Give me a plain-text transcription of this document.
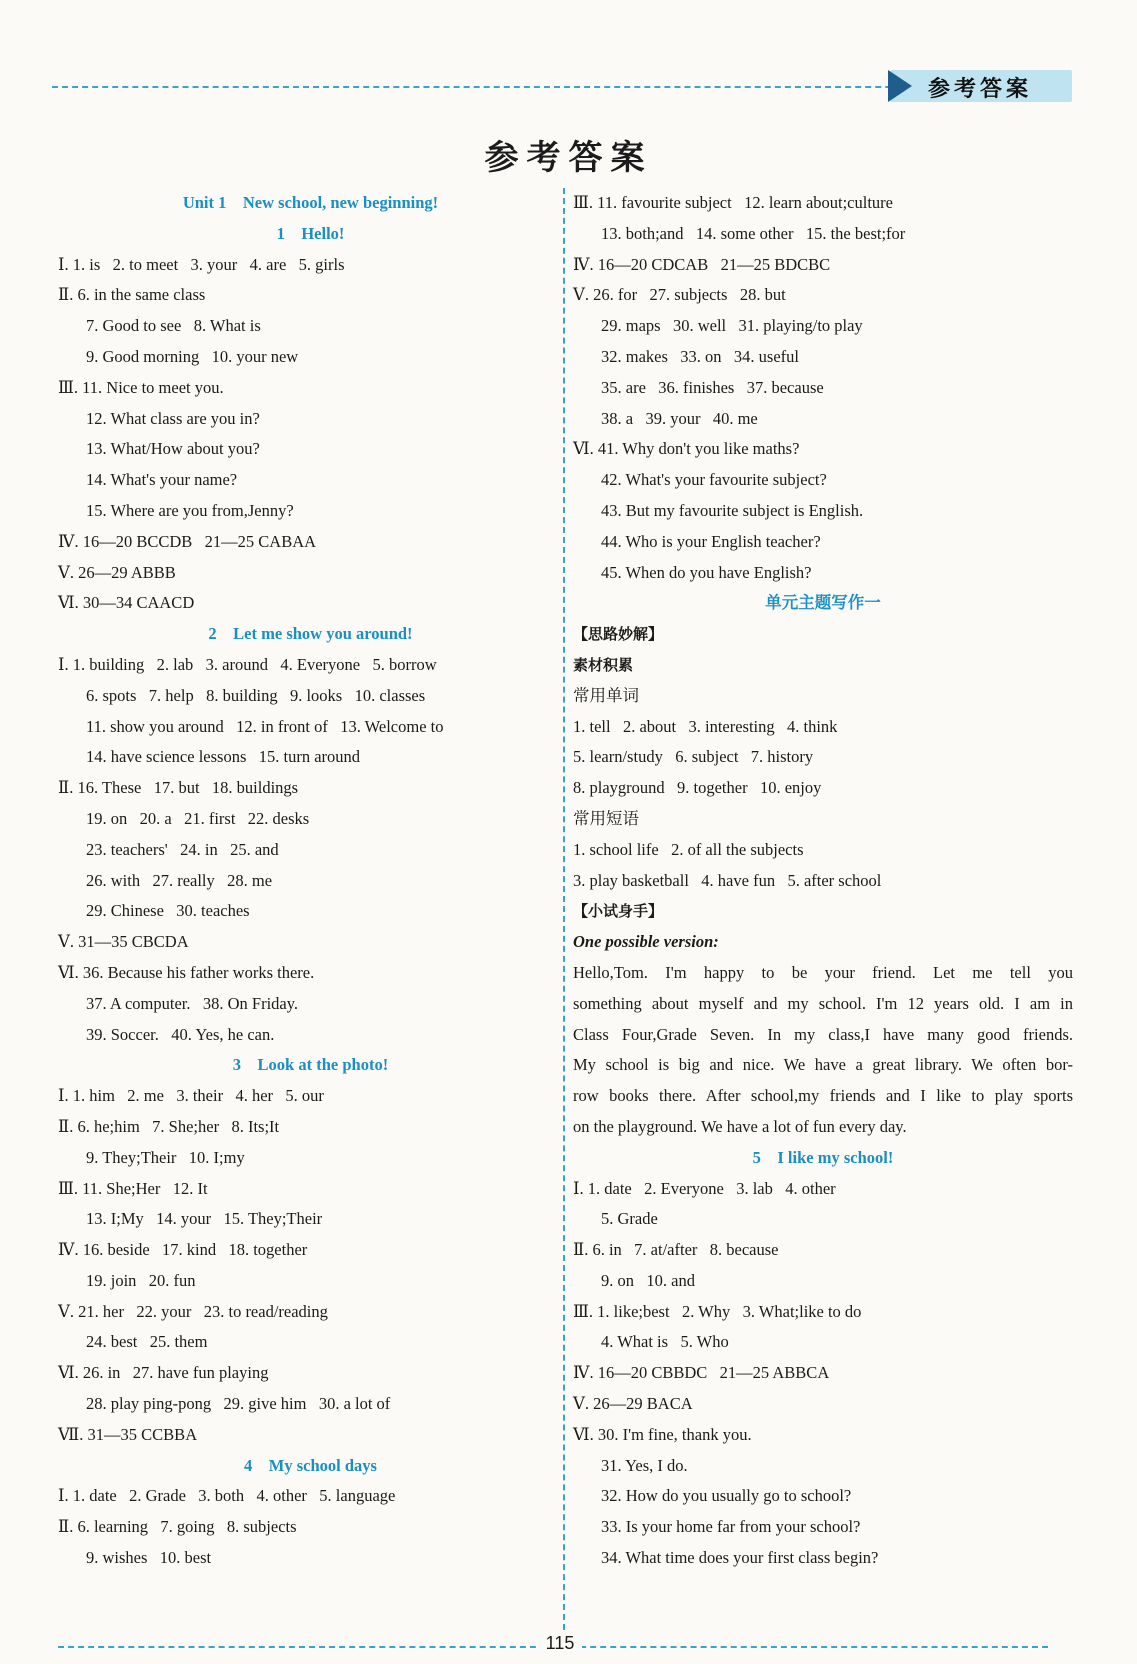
参考答案
参考答案
Unit 1    New school, new beginning!
1    Hello!
Ⅰ. 1. is   2. to meet   3. your   4. are   5. girls
Ⅱ. 6. in the same class
7. Good to see   8. What is
9. Good morning   10. your new
Ⅲ. 11. Nice to meet you.
12. What class are you in?
13. What/How about you?
14. What's your name?
15. Where are you from,Jenny?
Ⅳ. 16—20 BCCDB   21—25 CABAA
Ⅴ. 26—29 ABBB
Ⅵ. 30—34 CAACD
2    Let me show you around!
Ⅰ. 1. building   2. lab   3. around   4. Everyone   5. borrow
6. spots   7. help   8. building   9. looks   10. classes
11. show you around   12. in front of   13. Welcome to
14. have science lessons   15. turn around
Ⅱ. 16. These   17. but   18. buildings
19. on   20. a   21. first   22. desks
23. teachers'   24. in   25. and
26. with   27. really   28. me
29. Chinese   30. teaches
Ⅴ. 31—35 CBCDA
Ⅵ. 36. Because his father works there.
37. A computer.   38. On Friday.
39. Soccer.   40. Yes, he can.
3    Look at the photo!
Ⅰ. 1. him   2. me   3. their   4. her   5. our
Ⅱ. 6. he;him   7. She;her   8. Its;It
9. They;Their   10. I;my
Ⅲ. 11. She;Her   12. It
13. I;My   14. your   15. They;Their
Ⅳ. 16. beside   17. kind   18. together
19. join   20. fun
Ⅴ. 21. her   22. your   23. to read/reading
24. best   25. them
Ⅵ. 26. in   27. have fun playing
28. play ping-pong   29. give him   30. a lot of
Ⅶ. 31—35 CCBBA
4    My school days
Ⅰ. 1. date   2. Grade   3. both   4. other   5. language
Ⅱ. 6. learning   7. going   8. subjects
9. wishes   10. best
Ⅲ. 11. favourite subject   12. learn about;culture
13. both;and   14. some other   15. the best;for
Ⅳ. 16—20 CDCAB   21—25 BDCBC
Ⅴ. 26. for   27. subjects   28. but
29. maps   30. well   31. playing/to play
32. makes   33. on   34. useful
35. are   36. finishes   37. because
38. a   39. your   40. me
Ⅵ. 41. Why don't you like maths?
42. What's your favourite subject?
43. But my favourite subject is English.
44. Who is your English teacher?
45. When do you have English?
单元主题写作一
【思路妙解】
素材积累
常用单词
1. tell   2. about   3. interesting   4. think
5. learn/study   6. subject   7. history
8. playground   9. together   10. enjoy
常用短语
1. school life   2. of all the subjects
3. play basketball   4. have fun   5. after school
【小试身手】
One possible version:
Hello,Tom. I'm happy to be your friend. Let me tell you
something about myself and my school. I'm 12 years old. I am in
Class Four,Grade Seven. In my class,I have many good friends.
My school is big and nice. We have a great library. We often bor-
row books there. After school,my friends and I like to play sports
on the playground. We have a lot of fun every day.
5    I like my school!
Ⅰ. 1. date   2. Everyone   3. lab   4. other
5. Grade
Ⅱ. 6. in   7. at/after   8. because
9. on   10. and
Ⅲ. 1. like;best   2. Why   3. What;like to do
4. What is   5. Who
Ⅳ. 16—20 CBBDC   21—25 ABBCA
Ⅴ. 26—29 BACA
Ⅵ. 30. I'm fine, thank you.
31. Yes, I do.
32. How do you usually go to school?
33. Is your home far from your school?
34. What time does your first class begin?
115
